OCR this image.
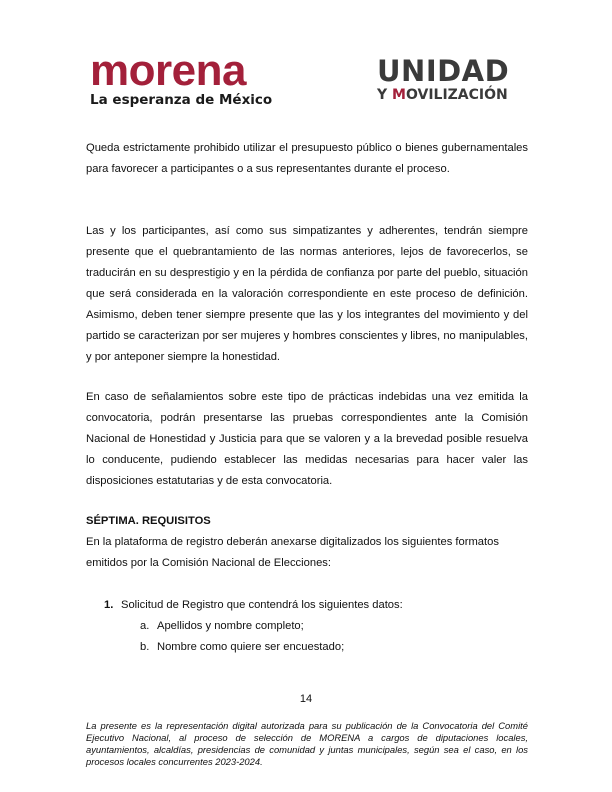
morena
La esperanza de México
UNIDAD
Y MOVILIZACIÓN

Queda estrictamente prohibido utilizar el presupuesto público o bienes gubernamentales para favorecer a participantes o a sus representantes durante el proceso.

Las y los participantes, así como sus simpatizantes y adherentes, tendrán siempre presente que el quebrantamiento de las normas anteriores, lejos de favorecerlos, se traducirán en su desprestigio y en la pérdida de confianza por parte del pueblo, situación que será considerada en la valoración correspondiente en este proceso de definición. Asimismo, deben tener siempre presente que las y los integrantes del movimiento y del partido se caracterizan por ser mujeres y hombres conscientes y libres, no manipulables, y por anteponer siempre la honestidad.

En caso de señalamientos sobre este tipo de prácticas indebidas una vez emitida la convocatoria, podrán presentarse las pruebas correspondientes ante la Comisión Nacional de Honestidad y Justicia para que se valoren y a la brevedad posible resuelva lo conducente, pudiendo establecer las medidas necesarias para hacer valer las disposiciones estatutarias y de esta convocatoria.

SÉPTIMA. REQUISITOS

En la plataforma de registro deberán anexarse digitalizados los siguientes formatos emitidos por la Comisión Nacional de Elecciones:

1. Solicitud de Registro que contendrá los siguientes datos:

a. Apellidos y nombre completo;

b. Nombre como quiere ser encuestado;

14

La presente es la representación digital autorizada para su publicación de la Convocatoria del Comité Ejecutivo Nacional, al proceso de selección de MORENA a cargos de diputaciones locales, ayuntamientos, alcaldías, presidencias de comunidad y juntas municipales, según sea el caso, en los procesos locales concurrentes 2023-2024.
